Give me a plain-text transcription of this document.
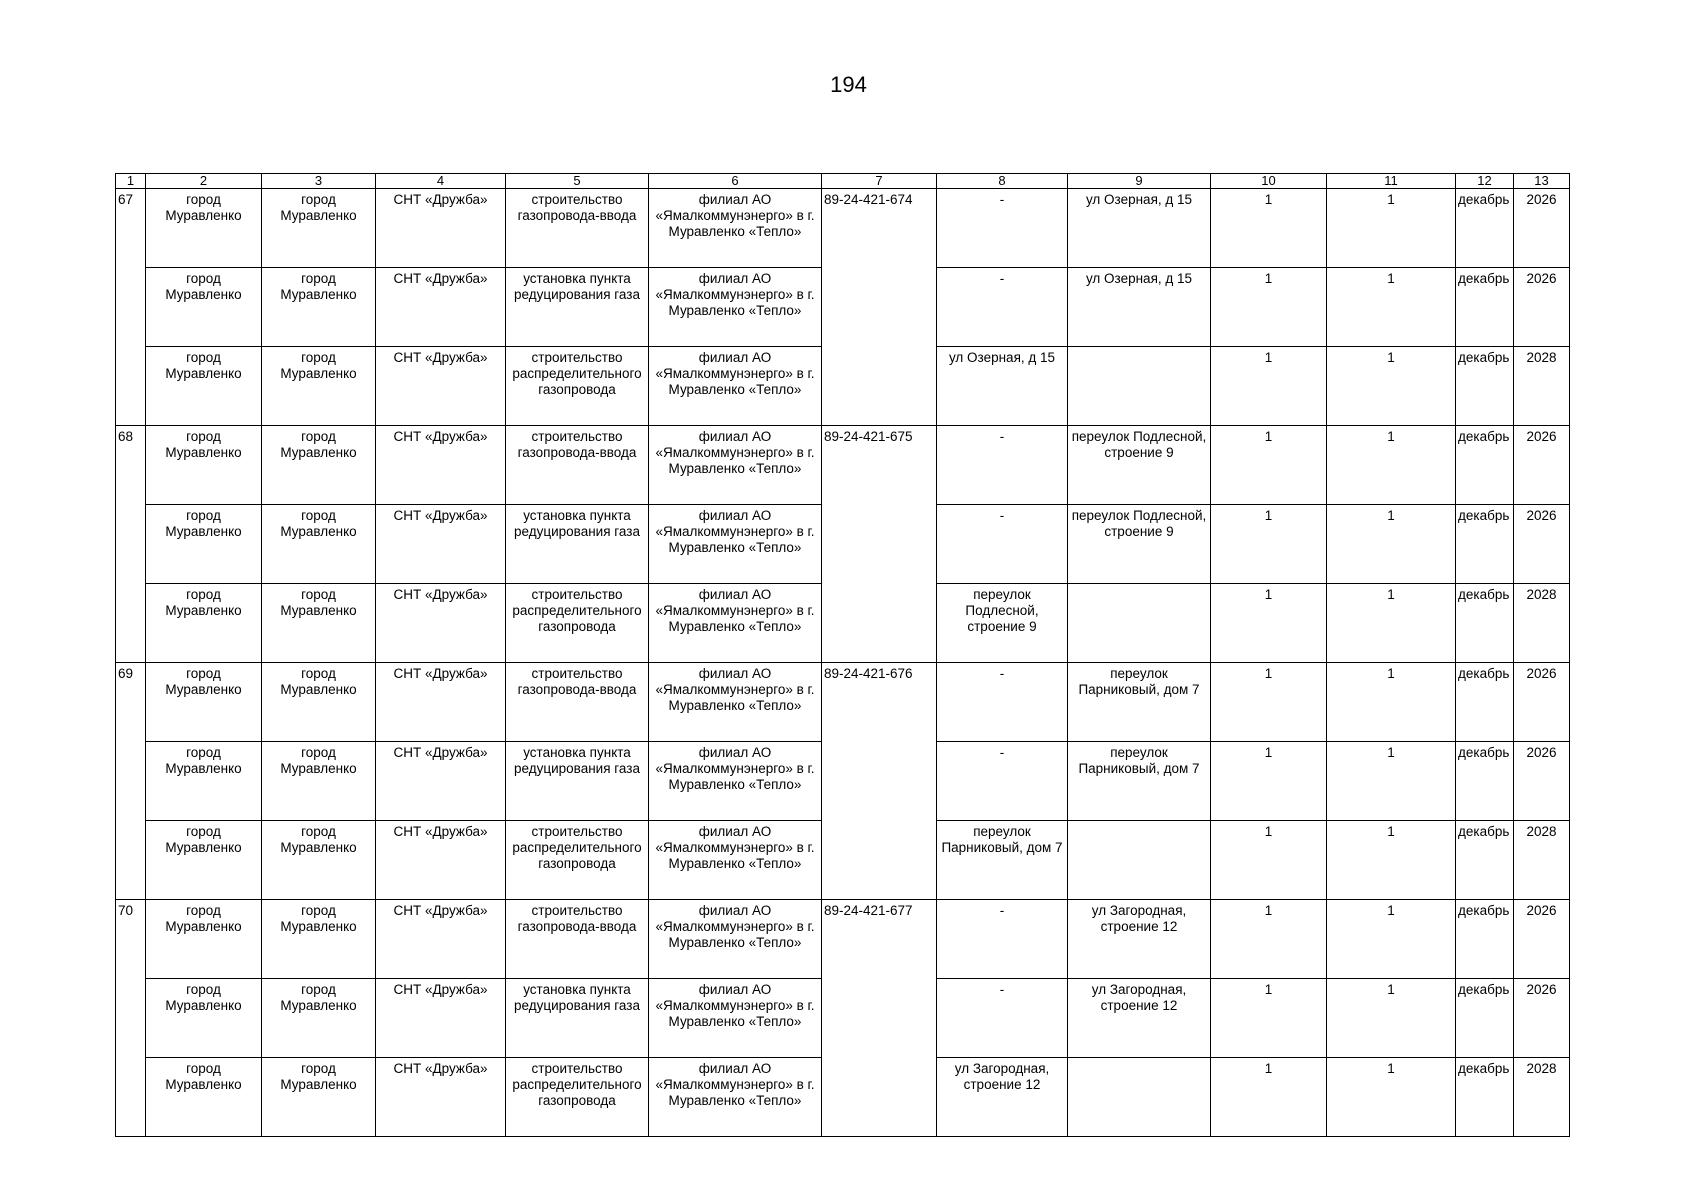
194
1	2	3	4	5	6	7	8	9	10	11	12	13
67	город Муравленко	город Муравленко	СНТ «Дружба»	строительство газопровода-ввода	филиал АО «Ямалкоммунэнерго» в г. Муравленко «Тепло»	89-24-421-674	-	ул Озерная, д 15	1	1	декабрь	2026
	город Муравленко	город Муравленко	СНТ «Дружба»	установка пункта редуцирования газа	филиал АО «Ямалкоммунэнерго» в г. Муравленко «Тепло»		-	ул Озерная, д 15	1	1	декабрь	2026
	город Муравленко	город Муравленко	СНТ «Дружба»	строительство распределительного газопровода	филиал АО «Ямалкоммунэнерго» в г. Муравленко «Тепло»		ул Озерная, д 15		1	1	декабрь	2028
68	город Муравленко	город Муравленко	СНТ «Дружба»	строительство газопровода-ввода	филиал АО «Ямалкоммунэнерго» в г. Муравленко «Тепло»	89-24-421-675	-	переулок Подлесной, строение 9	1	1	декабрь	2026
	город Муравленко	город Муравленко	СНТ «Дружба»	установка пункта редуцирования газа	филиал АО «Ямалкоммунэнерго» в г. Муравленко «Тепло»		-	переулок Подлесной, строение 9	1	1	декабрь	2026
	город Муравленко	город Муравленко	СНТ «Дружба»	строительство распределительного газопровода	филиал АО «Ямалкоммунэнерго» в г. Муравленко «Тепло»		переулок Подлесной, строение 9		1	1	декабрь	2028
69	город Муравленко	город Муравленко	СНТ «Дружба»	строительство газопровода-ввода	филиал АО «Ямалкоммунэнерго» в г. Муравленко «Тепло»	89-24-421-676	-	переулок Парниковый, дом 7	1	1	декабрь	2026
	город Муравленко	город Муравленко	СНТ «Дружба»	установка пункта редуцирования газа	филиал АО «Ямалкоммунэнерго» в г. Муравленко «Тепло»		-	переулок Парниковый, дом 7	1	1	декабрь	2026
	город Муравленко	город Муравленко	СНТ «Дружба»	строительство распределительного газопровода	филиал АО «Ямалкоммунэнерго» в г. Муравленко «Тепло»		переулок Парниковый, дом 7		1	1	декабрь	2028
70	город Муравленко	город Муравленко	СНТ «Дружба»	строительство газопровода-ввода	филиал АО «Ямалкоммунэнерго» в г. Муравленко «Тепло»	89-24-421-677	-	ул Загородная, строение 12	1	1	декабрь	2026
	город Муравленко	город Муравленко	СНТ «Дружба»	установка пункта редуцирования газа	филиал АО «Ямалкоммунэнерго» в г. Муравленко «Тепло»		-	ул Загородная, строение 12	1	1	декабрь	2026
	город Муравленко	город Муравленко	СНТ «Дружба»	строительство распределительного газопровода	филиал АО «Ямалкоммунэнерго» в г. Муравленко «Тепло»		ул Загородная, строение 12		1	1	декабрь	2028
